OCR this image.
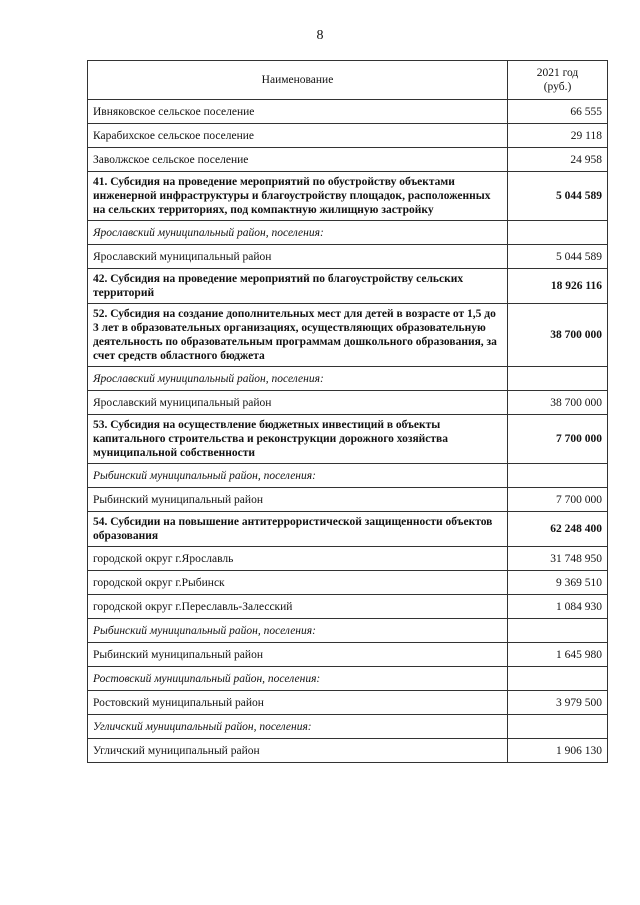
8
Наименование	2021 год
(руб.)

Ивняковское сельское поселение	66 555
Карабихское сельское поселение	29 118
Заволжское сельское поселение	24 958
41. Субсидия на проведение мероприятий по обустройству объектами инженерной инфраструктуры и благоустройству площадок, расположенных на сельских территориях, под компактную жилищную застройку	5 044 589
Ярославский муниципальный район, поселения:	
Ярославский муниципальный район	5 044 589
42. Субсидия на проведение мероприятий по благоустройству сельских территорий	18 926 116
52. Субсидия на создание дополнительных мест для детей в возрасте от 1,5 до 3 лет в образовательных организациях, осуществляющих образовательную деятельность по образовательным программам дошкольного образования, за счет средств областного бюджета	38 700 000
Ярославский муниципальный район, поселения:	
Ярославский муниципальный район	38 700 000
53. Субсидия на осуществление бюджетных инвестиций в объекты капитального строительства и реконструкции дорожного хозяйства муниципальной собственности	7 700 000
Рыбинский муниципальный район, поселения:	
Рыбинский муниципальный район	7 700 000
54. Субсидии на повышение антитеррористической защищенности объектов образования	62 248 400
городской округ г.Ярославль	31 748 950
городской округ г.Рыбинск	9 369 510
городской округ г.Переславль-Залесский	1 084 930
Рыбинский муниципальный район, поселения:	
Рыбинский муниципальный район	1 645 980
Ростовский муниципальный район, поселения:	
Ростовский муниципальный район	3 979 500
Угличский муниципальный район, поселения:	
Угличский муниципальный район	1 906 130
